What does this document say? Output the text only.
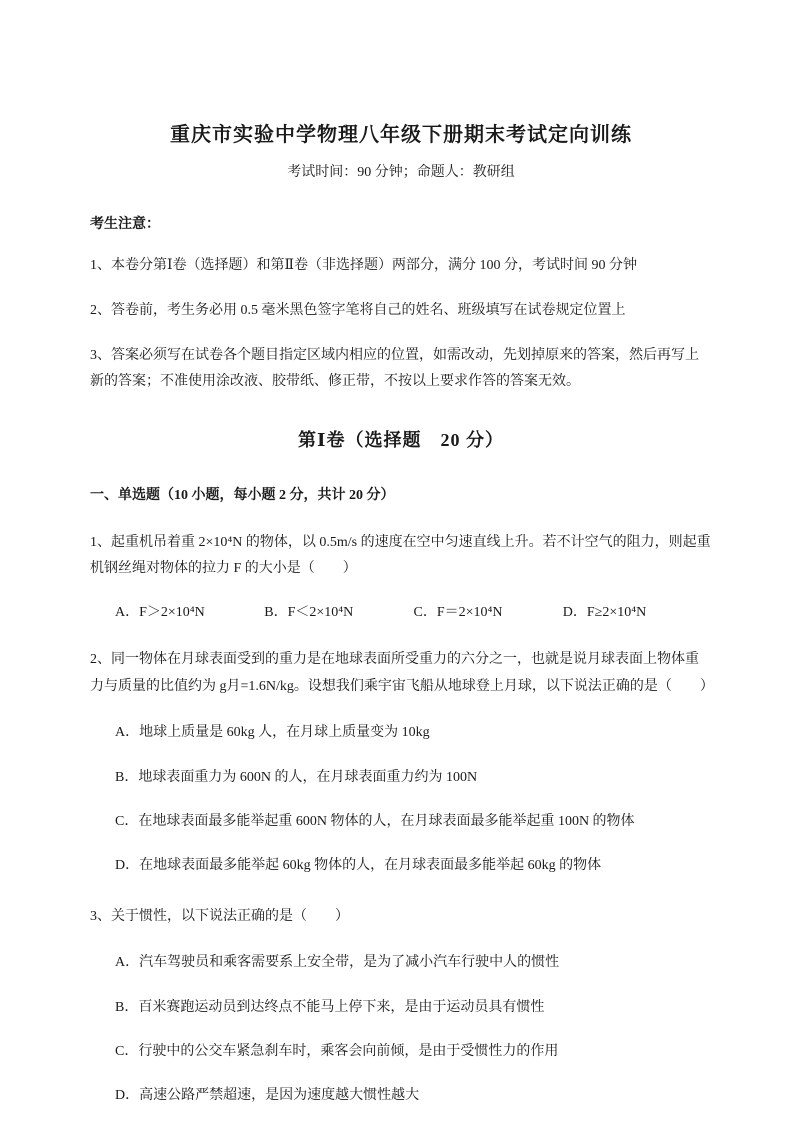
重庆市实验中学物理八年级下册期末考试定向训练
考试时间：90 分钟；命题人：教研组
考生注意：

1、本卷分第Ⅰ卷（选择题）和第Ⅱ卷（非选择题）两部分，满分 100 分，考试时间 90 分钟

2、答卷前，考生务必用 0.5 毫米黑色签字笔将自己的姓名、班级填写在试卷规定位置上

3、答案必须写在试卷各个题目指定区域内相应的位置，如需改动，先划掉原来的答案，然后再写上新的答案；不准使用涂改液、胶带纸、修正带，不按以上要求作答的答案无效。

第Ⅰ卷（选择题　20 分）
一、单选题（10 小题，每小题 2 分，共计 20 分）

1、起重机吊着重 2×10⁴N 的物体，以 0.5m/s 的速度在空中匀速直线上升。若不计空气的阻力，则起重机钢丝绳对物体的拉力 F 的大小是（　　）

A．F＞2×10⁴N	B．F＜2×10⁴N	C．F＝2×10⁴N	D．F≥2×10⁴N

2、同一物体在月球表面受到的重力是在地球表面所受重力的六分之一，也就是说月球表面上物体重力与质量的比值约为 g月=1.6N/kg。设想我们乘宇宙飞船从地球登上月球，以下说法正确的是（　　）

A．地球上质量是 60kg 人，在月球上质量变为 10kg
B．地球表面重力为 600N 的人，在月球表面重力约为 100N
C．在地球表面最多能举起重 600N 物体的人，在月球表面最多能举起重 100N 的物体
D．在地球表面最多能举起 60kg 物体的人，在月球表面最多能举起 60kg 的物体

3、关于惯性，以下说法正确的是（　　）

A．汽车驾驶员和乘客需要系上安全带，是为了减小汽车行驶中人的惯性
B．百米赛跑运动员到达终点不能马上停下来，是由于运动员具有惯性
C．行驶中的公交车紧急刹车时，乘客会向前倾，是由于受惯性力的作用
D．高速公路严禁超速，是因为速度越大惯性越大
